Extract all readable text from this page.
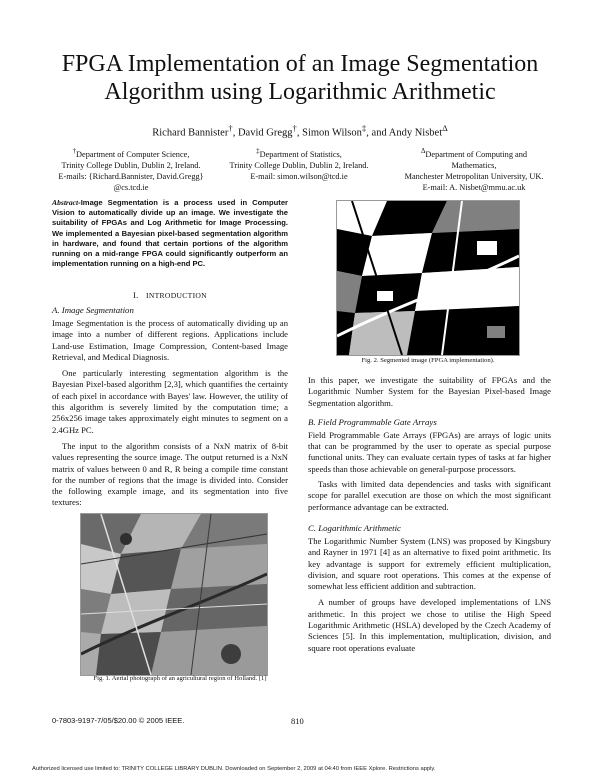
FPGA Implementation of an Image Segmentation Algorithm using Logarithmic Arithmetic
Richard Bannister†, David Gregg†, Simon Wilson‡, and Andy Nisbet$^\Delta$
†Department of Computer Science,
Trinity College Dublin, Dublin 2, Ireland.
E-mails: {Richard.Bannister, David.Gregg}
@cs.tcd.ie
‡Department of Statistics,
Trinity College Dublin, Dublin 2, Ireland.
E-mail: simon.wilson@tcd.ie
$^\Delta$Department of Computing and
Mathematics,
Manchester Metropolitan University, UK.
E-mail: A. Nisbet@mmu.ac.uk
Abstract-Image Segmentation is a process used in Computer Vision to automatically divide up an image. We investigate the suitability of FPGAs and Log Arithmetic for Image Processing. We implemented a Bayesian pixel-based segmentation algorithm in hardware, and found that certain portions of the algorithm running on a mid-range FPGA could significantly outperform an implementation running on a high-end PC.
I. INTRODUCTION
A. Image Segmentation

Image Segmentation is the process of automatically dividing up an image into a number of different regions. Applications include Land-use Estimation, Image Compression, Content-based Image Retrieval, and Medical Diagnosis.

One particularly interesting segmentation algorithm is the Bayesian Pixel-based algorithm [2,3], which quantifies the certainty of each pixel in accordance with Bayes' law. However, the utility of this algorithm is severely limited by the computation time; a 256x256 image takes approximately eight minutes to segment on a 2.4GHz PC.

The input to the algorithm consists of a NxN matrix of 8-bit values representing the source image. The output returned is a NxN matrix of values between 0 and R, R being a compile time constant for the number of regions that the image is divided into. Consider the following example image, and its segmentation into five textures:

Fig. 1. Aerial photograph of an agricultural region of Holland. [1]
Fig. 2. Segmented image (FPGA implementation).

In this paper, we investigate the suitability of FPGAs and the Logarithmic Number System for the Bayesian Pixel-based Image Segmentation algorithm.

B. Field Programmable Gate Arrays

Field Programmable Gate Arrays (FPGAs) are arrays of logic units that can be programmed by the user to operate as special purpose functional units. They can evaluate certain types of tasks at far higher speeds than those achievable on general-purpose processors.

Tasks with limited data dependencies and tasks with significant scope for parallel execution are those on which the most significant performance advantage can be extracted.

C. Logarithmic Arithmetic

The Logarithmic Number System (LNS) was proposed by Kingsbury and Rayner in 1971 [4] as an alternative to fixed point arithmetic. Its key advantage is support for extremely efficient multiplication, division, and square root operations. This comes at the expense of somewhat less efficient addition and subtraction.

A number of groups have developed implementations of LNS arithmetic. In this project we chose to utilise the High Speed Logarithmic Arithmetic (HSLA) developed by the Czech Academy of Sciences [5]. In this implementation, multiplication, division, and square root operations evaluate

0-7803-9197-7/05/$20.00 © 2005 IEEE.	810
Authorized licensed use limited to: TRINITY COLLEGE LIBRARY DUBLIN. Downloaded on September 2, 2009 at 04:40 from IEEE Xplore. Restrictions apply.
